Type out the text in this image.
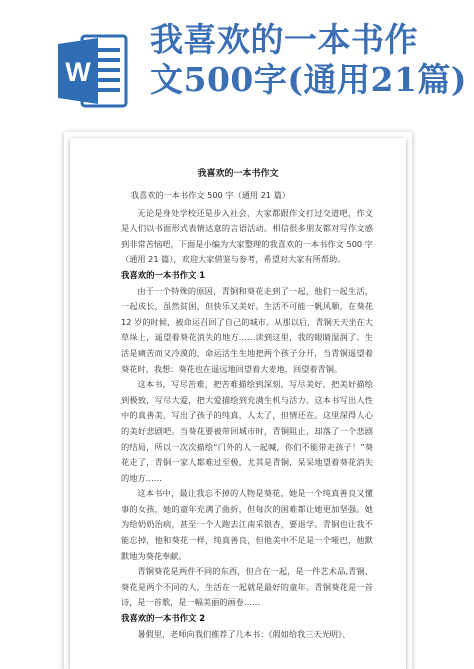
W
我喜欢的一本书作
文500字(通用21篇)
我喜欢的一本书作文

我喜欢的一本书作文 500 字（通用 21 篇）

无论是身处学校还是步入社会，大家都跟作文打过交道吧，作文是人们以书面形式表情达意的言语活动。相信很多朋友都对写作文感到非常苦恼吧，下面是小编为大家整理的我喜欢的一本书作文 500 字（通用 21 篇），欢迎大家借鉴与参考，希望对大家有所帮助。

我喜欢的一本书作文 1

由于一个特殊的原因，青铜和葵花走到了一起，他们一起生活，一起成长，虽然贫困，但快乐又美好。生活不可能一帆风顺，在葵花 12 岁的时候，被命运召回了自己的城市。从那以后，青铜天天坐在大草垛上，遥望着葵花消失的地方……读到这里，我的眼睛湿润了。生活是痛苦而又冷漠的，命运活生生地把两个孩子分开，当青铜遥望着葵花时，我想：葵花也在遥远地回望着大麦地，回望着青铜。

这本书，写尽苦难，把苦难描绘到深刻，写尽美好，把美好描绘到极致，写尽大爱，把大爱描绘到充满生机与活力。这本书写出人性中的真善美，写出了孩子的纯真，人太了，但情还在。这里深得人心的美好悲剧吧。当葵花要被带回城市时，青铜阻止，却落了一个悲剧的结局，所以一次次描绘“门外的人一起喊，你们不能带走孩子！”葵花走了，青铜一家人都难过至极，尤其是青铜，呆呆地望着葵花消失的地方……

这本书中，最让我忘不掉的人物是葵花，她是一个纯真善良又懂事的女孩，她的童年充满了曲折，但每次的困难都让她更加坚强。她为给奶奶治病，甚至一个人跑去江南采银杏，要退学。青铜也让我不能忘掉，他和葵花一样，纯真善良，但他美中不足是一个哑巴，他默默地为葵花奉献。

青铜葵花是两件不同的东西，但合在一起，是一件艺术品,青铜、葵花是两个不同的人，生活在一起就是最好的童年。青铜葵花是一首诗，是一首歌，是一幅美丽的画卷……

我喜欢的一本书作文 2

暑假里，老师向我们推荐了几本书：《假如给我三天光明》、
